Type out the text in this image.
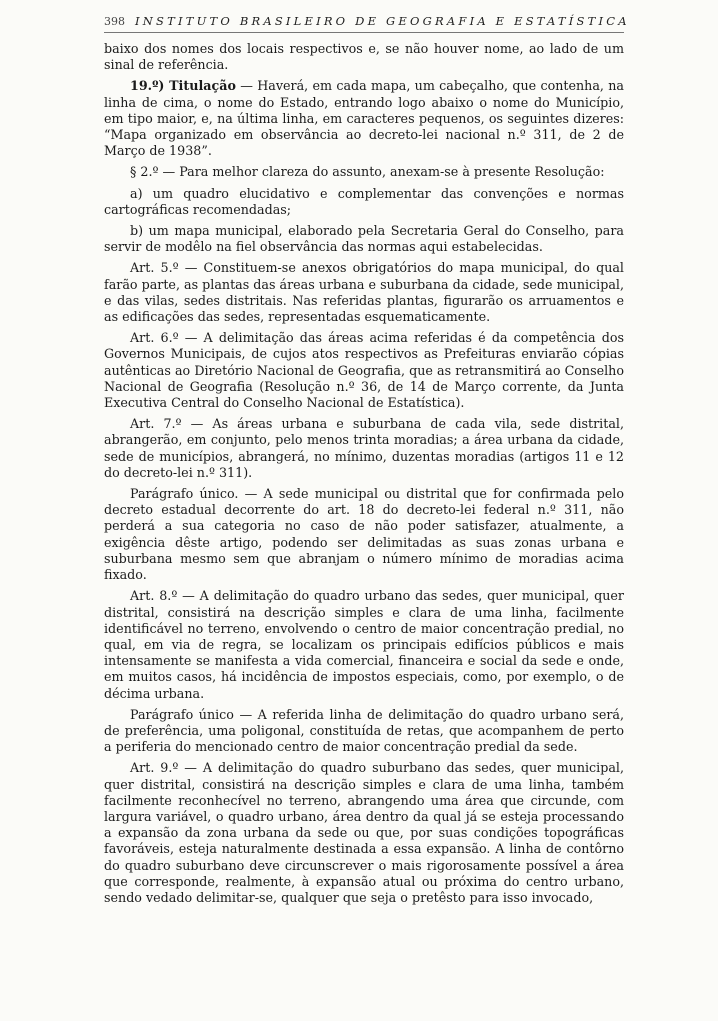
398 INSTITUTO BRASILEIRO DE GEOGRAFIA E ESTATÍSTICA

baixo dos nomes dos locais respectivos e, se não houver nome, ao lado de um sinal de referência.

19.º) Titulação — Haverá, em cada mapa, um cabeçalho, que contenha, na linha de cima, o nome do Estado, entrando logo abaixo o nome do Município, em tipo maior, e, na última linha, em caracteres pequenos, os seguintes dizeres: “Mapa organizado em observância ao decreto-lei nacional n.º 311, de 2 de Março de 1938”.

§ 2.º — Para melhor clareza do assunto, anexam-se à presente Resolução:

a) um quadro elucidativo e complementar das convenções e normas cartográficas recomendadas;

b) um mapa municipal, elaborado pela Secretaria Geral do Conselho, para servir de modêlo na fiel observância das normas aqui estabelecidas.

Art. 5.º — Constituem-se anexos obrigatórios do mapa municipal, do qual farão parte, as plantas das áreas urbana e suburbana da cidade, sede municipal, e das vilas, sedes distritais. Nas referidas plantas, figurarão os arruamentos e as edificações das sedes, representadas esquematicamente.

Art. 6.º — A delimitação das áreas acima referidas é da competência dos Governos Municipais, de cujos atos respectivos as Prefeituras enviarão cópias autênticas ao Diretório Nacional de Geografia, que as retransmitirá ao Conselho Nacional de Geografia (Resolução n.º 36, de 14 de Março corrente, da Junta Executiva Central do Conselho Nacional de Estatística).

Art. 7.º — As áreas urbana e suburbana de cada vila, sede distrital, abrangerão, em conjunto, pelo menos trinta moradias; a área urbana da cidade, sede de municípios, abrangerá, no mínimo, duzentas moradias (artigos 11 e 12 do decreto-lei n.º 311).

Parágrafo único. — A sede municipal ou distrital que for confirmada pelo decreto estadual decorrente do art. 18 do decreto-lei federal n.º 311, não perderá a sua categoria no caso de não poder satisfazer, atualmente, a exigência dêste artigo, podendo ser delimitadas as suas zonas urbana e suburbana mesmo sem que abranjam o número mínimo de moradias acima fixado.

Art. 8.º — A delimitação do quadro urbano das sedes, quer municipal, quer distrital, consistirá na descrição simples e clara de uma linha, facilmente identificável no terreno, envolvendo o centro de maior concentração predial, no qual, em via de regra, se localizam os principais edifícios públicos e mais intensamente se manifesta a vida comercial, financeira e social da sede e onde, em muitos casos, há incidência de impostos especiais, como, por exemplo, o de décima urbana.

Parágrafo único — A referida linha de delimitação do quadro urbano será, de preferência, uma poligonal, constituída de retas, que acompanhem de perto a periferia do mencionado centro de maior concentração predial da sede.

Art. 9.º — A delimitação do quadro suburbano das sedes, quer municipal, quer distrital, consistirá na descrição simples e clara de uma linha, também facilmente reconhecível no terreno, abrangendo uma área que circunde, com largura variável, o quadro urbano, área dentro da qual já se esteja processando a expansão da zona urbana da sede ou que, por suas condições topográficas favoráveis, esteja naturalmente destinada a essa expansão. A linha de contôrno do quadro suburbano deve circunscrever o mais rigorosamente possível a área que corresponde, realmente, à expansão atual ou próxima do centro urbano, sendo vedado delimitar-se, qualquer que seja o pretêsto para isso invocado,
